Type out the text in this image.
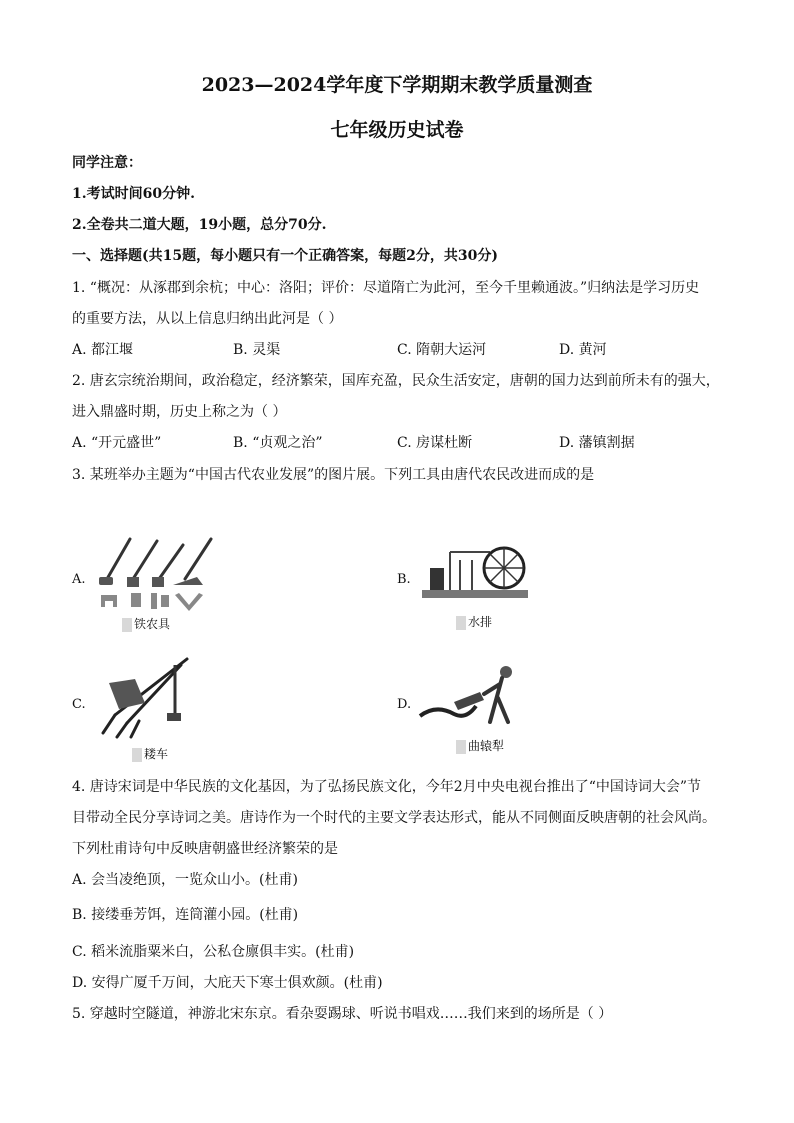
2023—2024学年度下学期期末教学质量测查
七年级历史试卷
同学注意：
1.考试时间60分钟.
2.全卷共二道大题，19小题，总分70分.
一、选择题(共15题，每小题只有一个正确答案，每题2分，共30分)
1. “概况：从涿郡到余杭；中心：洛阳；评价：尽道隋亡为此河，至今千里赖通波。”归纳法是学习历史
的重要方法，从以上信息归纳出此河是（ ）
A. 都江堰	B. 灵渠	C. 隋朝大运河	D. 黄河
2. 唐玄宗统治期间，政治稳定，经济繁荣，国库充盈，民众生活安定，唐朝的国力达到前所未有的强大，
进入鼎盛时期，历史上称之为（ ）
A. “开元盛世”	B. “贞观之治”	C. 房谋杜断	D. 藩镇割据
3. 某班举办主题为“中国古代农业发展”的图片展。下列工具由唐代农民改进而成的是
A.
铁农具
B.
水排
C.
耧车
D.
曲辕犁
4. 唐诗宋词是中华民族的文化基因，为了弘扬民族文化，今年2月中央电视台推出了“中国诗词大会”节
目带动全民分享诗词之美。唐诗作为一个时代的主要文学表达形式，能从不同侧面反映唐朝的社会风尚。
下列杜甫诗句中反映唐朝盛世经济繁荣的是
A. 会当凌绝顶，一览众山小。(杜甫)
B. 接缕垂芳饵，连筒灌小园。(杜甫)
C. 稻米流脂粟米白，公私仓廪俱丰实。(杜甫)
D. 安得广厦千万间，大庇天下寒士俱欢颜。(杜甫)
5. 穿越时空隧道，神游北宋东京。看杂耍踢球、听说书唱戏……我们来到的场所是（ ）
